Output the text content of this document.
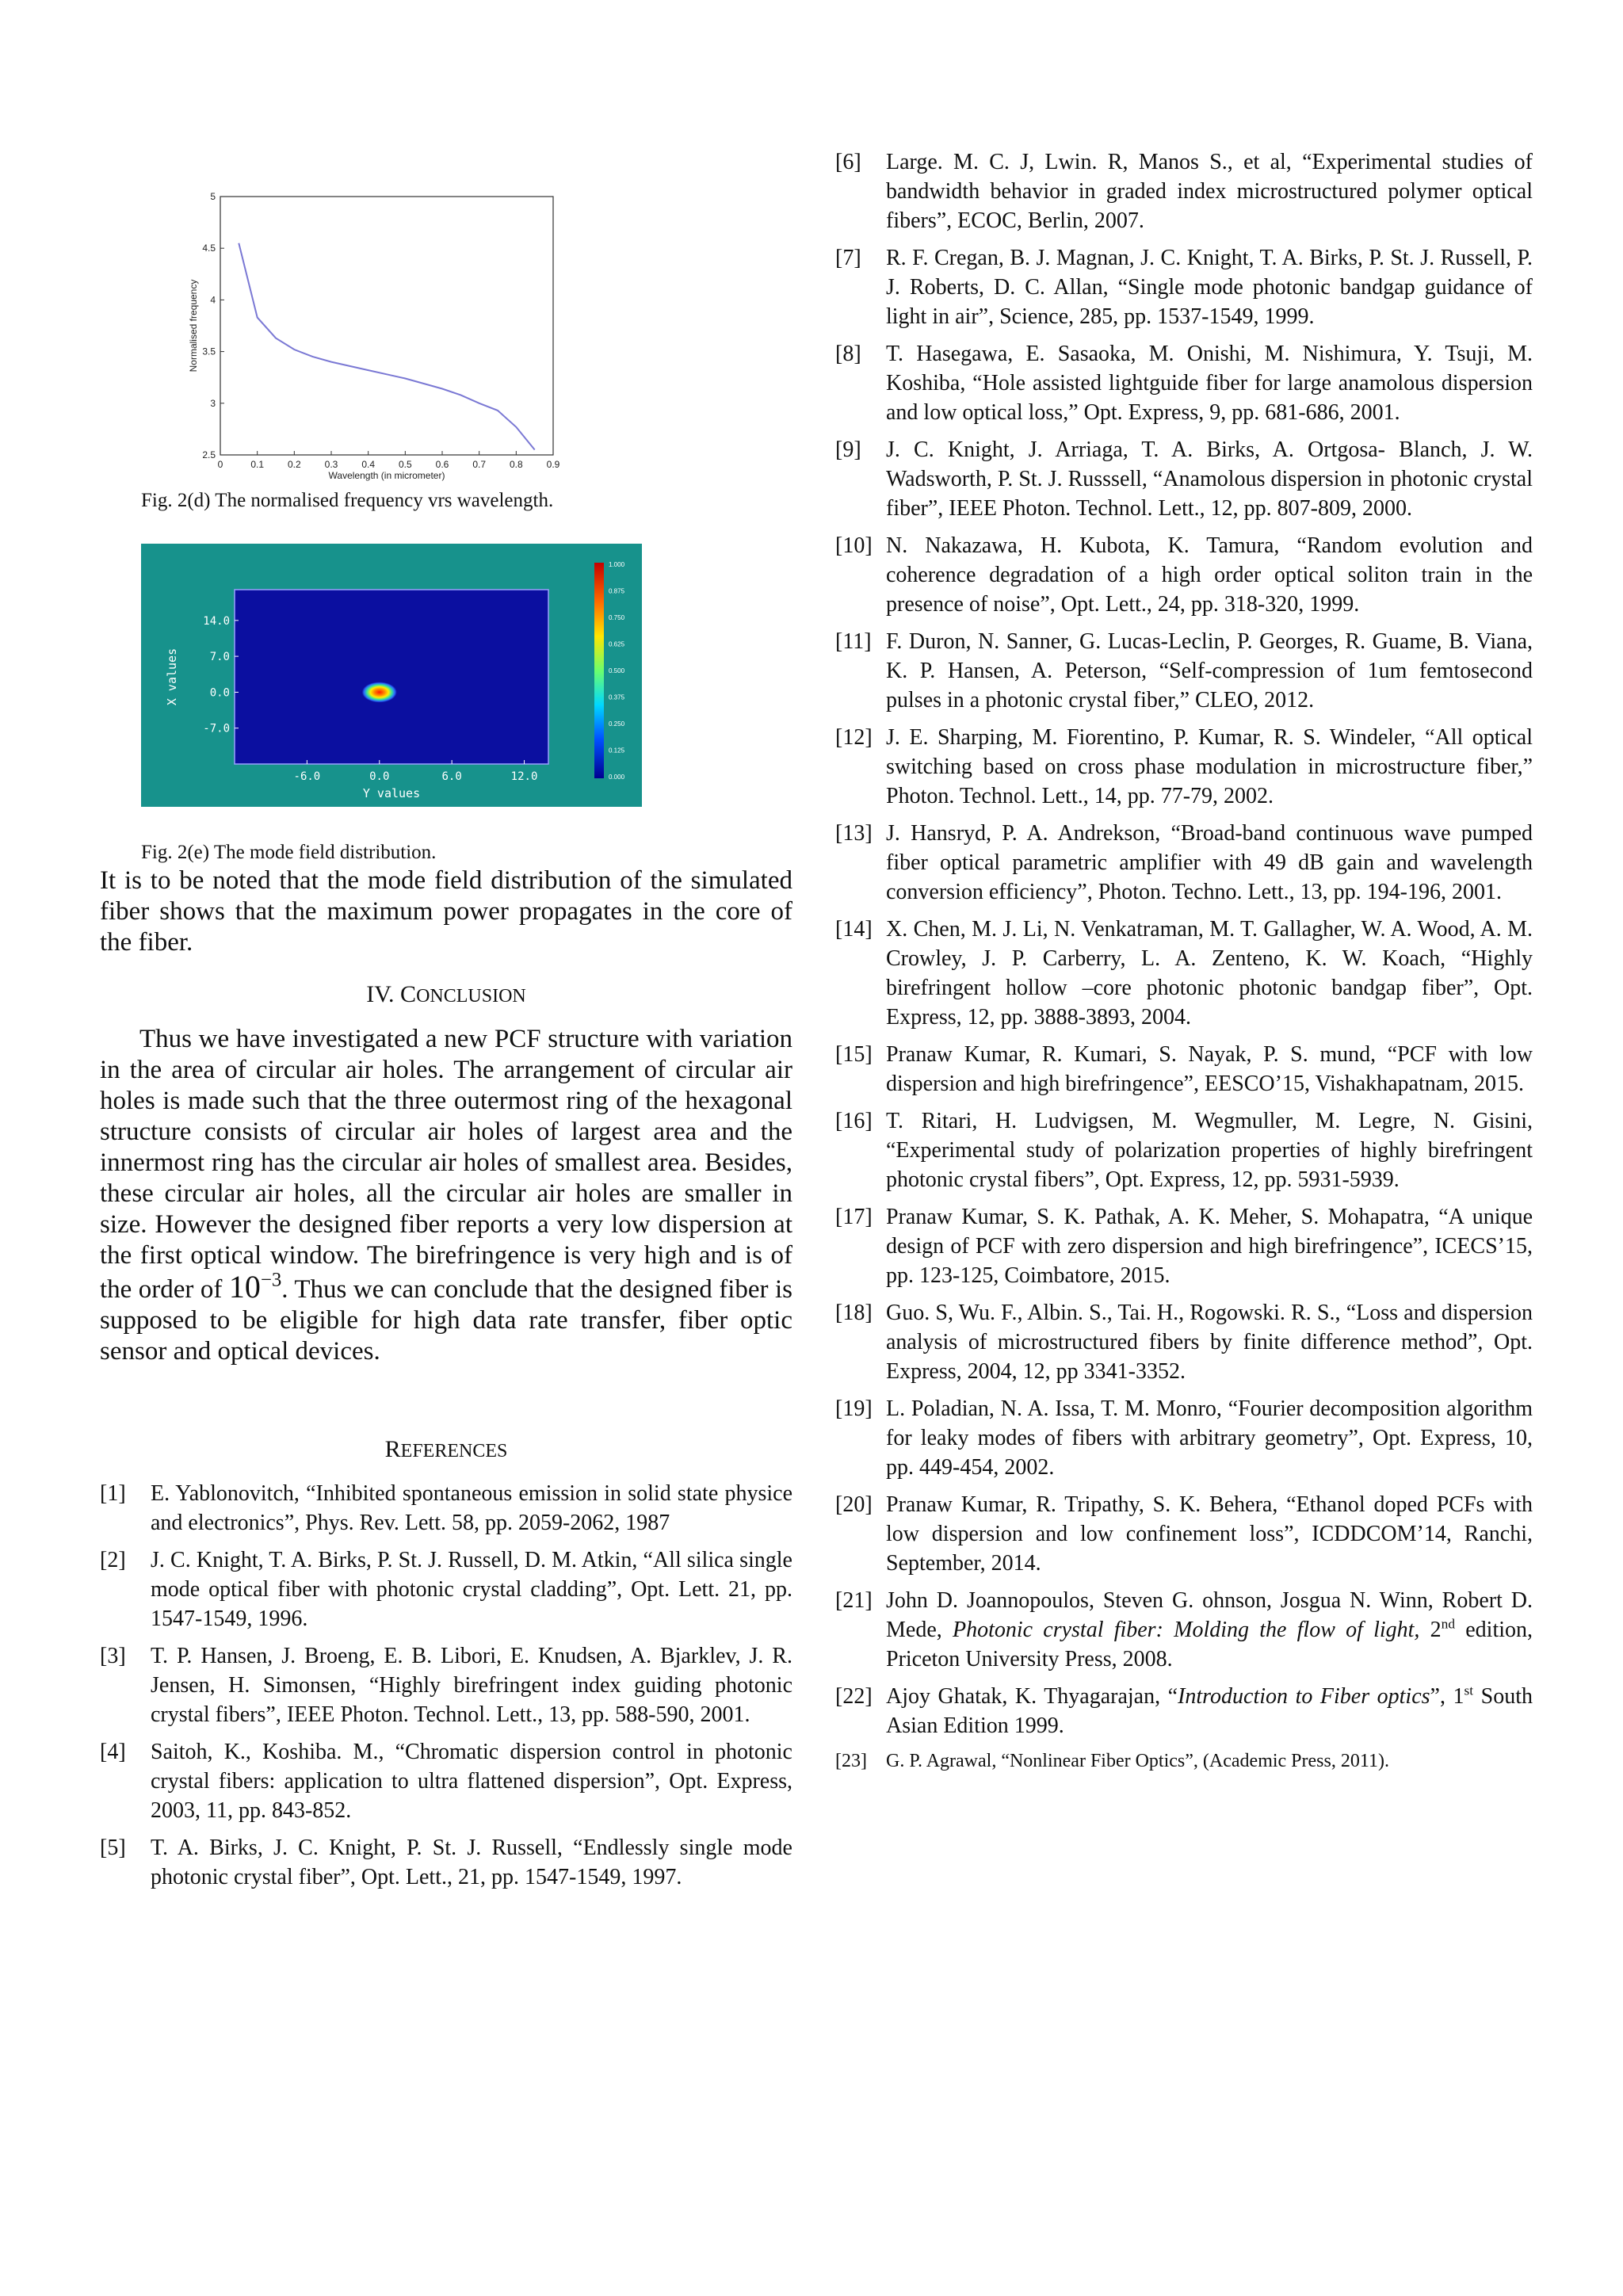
0	0.1 0.2 0.3 0.4 0.5 0.6 0.7 0.8 0.9
2.5
3
3.5
4
4.5
5
Wavelength (in micrometer)
Normalised frequency
Fig. 2(d) The normalised frequency vrs wavelength.
-6.0	0.0	6.0	12.0
14.0
7.0
0.0
-7.0
Y values
X values
1.000
0.875
0.750
0.625
0.500
0.375
0.250
0.125
0.000
Fig. 2(e) The mode field distribution.
It is to be noted that the mode field distribution of the simulated fiber shows that the maximum power propagates in the core of the fiber.
IV. CONCLUSION
Thus we have investigated a new PCF structure with variation in the area of circular air holes. The arrangement of circular air holes is made such that the three outermost ring of the hexagonal structure consists of circular air holes of largest area and the innermost ring has the circular air holes of smallest area. Besides, these circular air holes, all the circular air holes are smaller in size. However the designed fiber reports a very low dispersion at the first optical window. The birefringence is very high and is of the order of $10^{-3}$. Thus we can conclude that the designed fiber is supposed to be eligible for high data rate transfer, fiber optic sensor and optical devices.
REFERENCES
[1]	E. Yablonovitch, “Inhibited spontaneous emission in solid state physice and electronics”, Phys. Rev. Lett. 58, pp. 2059-2062, 1987
[2]	J. C. Knight, T. A. Birks, P. St. J. Russell, D. M. Atkin, “All silica single mode optical fiber with photonic crystal cladding”, Opt. Lett. 21, pp. 1547-1549, 1996.
[3]	T. P. Hansen, J. Broeng, E. B. Libori, E. Knudsen, A. Bjarklev, J. R. Jensen, H. Simonsen, “Highly birefringent index guiding photonic crystal fibers”, IEEE Photon. Technol. Lett., 13, pp. 588-590, 2001.
[4]	Saitoh, K., Koshiba. M., “Chromatic dispersion control in photonic crystal fibers: application to ultra flattened dispersion”, Opt. Express, 2003, 11, pp. 843-852.
[5]	T. A. Birks, J. C. Knight, P. St. J. Russell, “Endlessly single mode photonic crystal fiber”, Opt. Lett., 21, pp. 1547-1549, 1997.
[6]	Large. M. C. J, Lwin. R, Manos S., et al, “Experimental studies of bandwidth behavior in graded index microstructured polymer optical fibers”, ECOC, Berlin, 2007.
[7]	R. F. Cregan, B. J. Magnan, J. C. Knight, T. A. Birks, P. St. J. Russell, P. J. Roberts, D. C. Allan, “Single mode photonic bandgap guidance of light in air”, Science, 285, pp. 1537-1549, 1999.
[8]	T. Hasegawa, E. Sasaoka, M. Onishi, M. Nishimura, Y. Tsuji, M. Koshiba, “Hole assisted lightguide fiber for large anamolous dispersion and low optical loss,” Opt. Express, 9, pp. 681-686, 2001.
[9]	J. C. Knight, J. Arriaga, T. A. Birks, A. Ortgosa- Blanch, J. W. Wadsworth, P. St. J. Russsell, “Anamolous dispersion in photonic crystal fiber”, IEEE Photon. Technol. Lett., 12, pp. 807-809, 2000.
[10] N. Nakazawa, H. Kubota, K. Tamura, “Random evolution and coherence degradation of a high order optical soliton train in the presence of noise”, Opt. Lett., 24, pp. 318-320, 1999.
[11] F. Duron, N. Sanner, G. Lucas-Leclin, P. Georges, R. Guame, B. Viana, K. P. Hansen, A. Peterson, “Self-compression of 1um femtosecond pulses in a photonic crystal fiber,” CLEO, 2012.
[12] J. E. Sharping, M. Fiorentino, P. Kumar, R. S. Windeler, “All optical switching based on cross phase modulation in microstructure fiber,” Photon. Technol. Lett., 14, pp. 77-79, 2002.
[13] J. Hansryd, P. A. Andrekson, “Broad-band continuous wave pumped fiber optical parametric amplifier with 49 dB gain and wavelength conversion efficiency”, Photon. Techno. Lett., 13, pp. 194-196, 2001.
[14] X. Chen, M. J. Li, N. Venkatraman, M. T. Gallagher, W. A. Wood, A. M. Crowley, J. P. Carberry, L. A. Zenteno, K. W. Koach, “Highly birefringent hollow –core photonic photonic bandgap fiber”, Opt. Express, 12, pp. 3888-3893, 2004.
[15] Pranaw Kumar, R. Kumari, S. Nayak, P. S. mund, “PCF with low dispersion and high birefringence”, EESCO’15, Vishakhapatnam, 2015.
[16] T. Ritari, H. Ludvigsen, M. Wegmuller, M. Legre, N. Gisini, “Experimental study of polarization properties of highly birefringent photonic crystal fibers”, Opt. Express, 12, pp. 5931-5939.
[17] Pranaw Kumar, S. K. Pathak, A. K. Meher, S. Mohapatra, “A unique design of PCF with zero dispersion and high birefringence”, ICECS’15, pp. 123-125, Coimbatore, 2015.
[18] Guo. S, Wu. F., Albin. S., Tai. H., Rogowski. R. S., “Loss and dispersion analysis of microstructured fibers by finite difference method”, Opt. Express, 2004, 12, pp 3341-3352.
[19] L. Poladian, N. A. Issa, T. M. Monro, “Fourier decomposition algorithm for leaky modes of fibers with arbitrary geometry”, Opt. Express, 10, pp. 449-454, 2002.
[20] Pranaw Kumar, R. Tripathy, S. K. Behera, “Ethanol doped PCFs with low dispersion and low confinement loss”, ICDDCOM’14, Ranchi, September, 2014.
[21] John D. Joannopoulos, Steven G. ohnson, Josgua N. Winn, Robert D. Mede, Photonic crystal fiber: Molding the flow of light, 2nd edition, Priceton University Press, 2008.
[22] Ajoy Ghatak, K. Thyagarajan, “Introduction to Fiber optics”, 1st South Asian Edition 1999.
[23]	G. P. Agrawal, “Nonlinear Fiber Optics”, (Academic Press, 2011).
